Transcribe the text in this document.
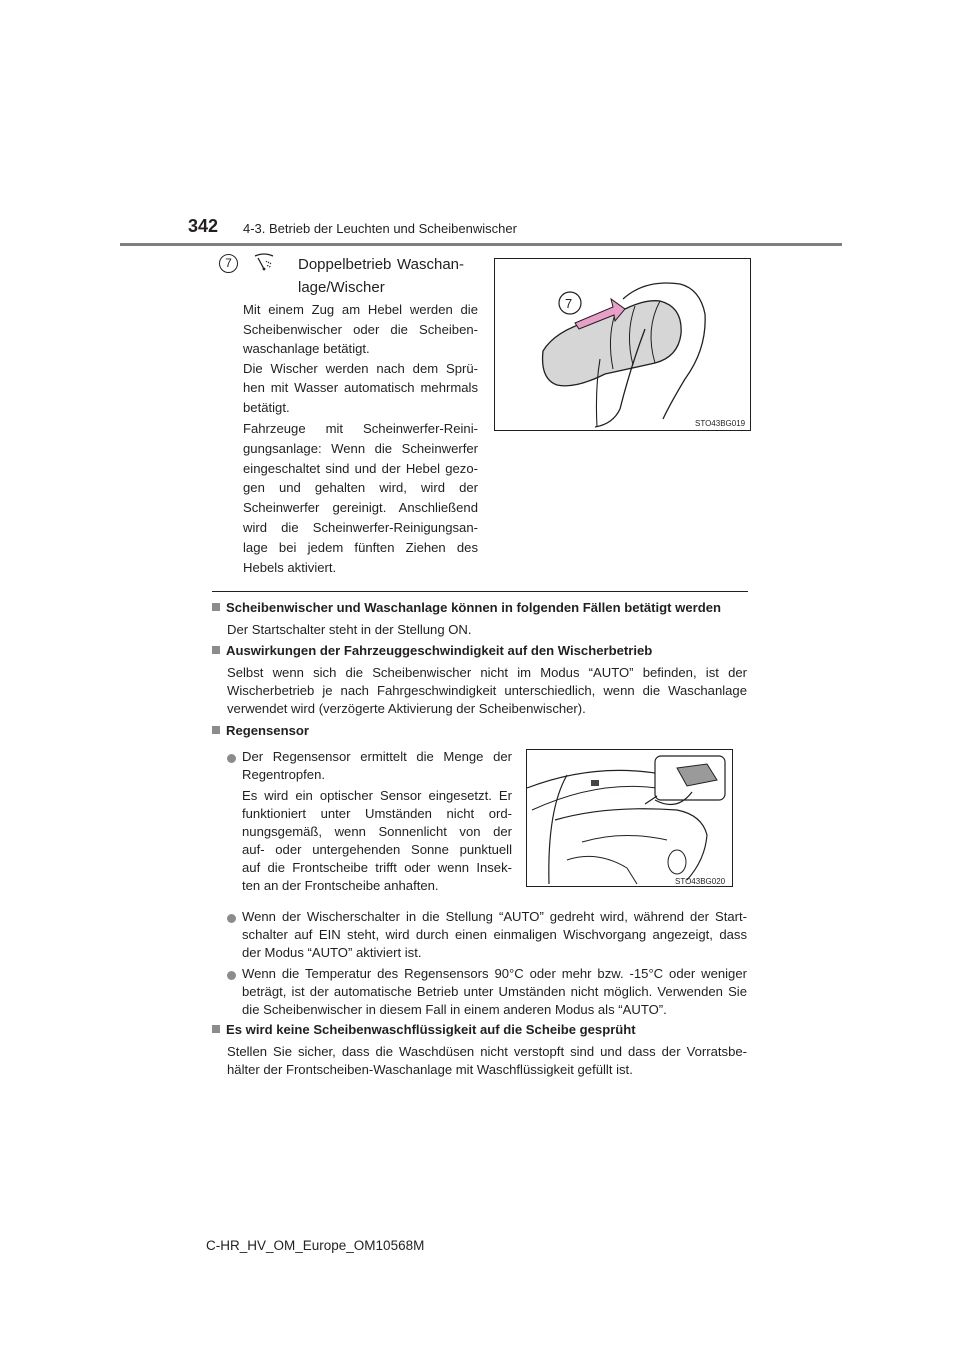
342 4-3. Betrieb der Leuchten und Scheibenwischer
7	Doppelbetrieb Waschan-
lage/Wischer
Mit einem Zug am Hebel werden die
Scheibenwischer oder die Scheiben-
waschanlage betätigt.
Die Wischer werden nach dem Sprü-
hen mit Wasser automatisch mehrmals
betätigt.
Fahrzeuge mit Scheinwerfer-Reini-
gungsanlage: Wenn die Scheinwerfer
eingeschaltet sind und der Hebel gezo-
gen und gehalten wird, wird der
Scheinwerfer gereinigt. Anschließend
wird die Scheinwerfer-Reinigungsan-
lage bei jedem fünften Ziehen des
Hebels aktiviert.
7
STO43BG019
Scheibenwischer und Waschanlage können in folgenden Fällen betätigt werden
Der Startschalter steht in der Stellung ON.
Auswirkungen der Fahrzeuggeschwindigkeit auf den Wischerbetrieb
Selbst wenn sich die Scheibenwischer nicht im Modus “AUTO” befinden, ist der
Wischerbetrieb je nach Fahrgeschwindigkeit unterschiedlich, wenn die Waschanlage
verwendet wird (verzögerte Aktivierung der Scheibenwischer).
Regensensor
Der Regensensor ermittelt die Menge der
Regentropfen.
Es wird ein optischer Sensor eingesetzt. Er
funktioniert unter Umständen nicht ord-
nungsgemäß, wenn Sonnenlicht von der
auf- oder untergehenden Sonne punktuell
auf die Frontscheibe trifft oder wenn Insek-
ten an der Frontscheibe anhaften.	STO43BG020
Wenn der Wischerschalter in die Stellung “AUTO” gedreht wird, während der Start-
schalter auf EIN steht, wird durch einen einmaligen Wischvorgang angezeigt, dass
der Modus “AUTO” aktiviert ist.
Wenn die Temperatur des Regensensors 90°C oder mehr bzw. -15°C oder weniger
beträgt, ist der automatische Betrieb unter Umständen nicht möglich. Verwenden Sie
die Scheibenwischer in diesem Fall in einem anderen Modus als “AUTO”.
Es wird keine Scheibenwaschflüssigkeit auf die Scheibe gesprüht
Stellen Sie sicher, dass die Waschdüsen nicht verstopft sind und dass der Vorratsbe-
hälter der Frontscheiben-Waschanlage mit Waschflüssigkeit gefüllt ist.
C-HR_HV_OM_Europe_OM10568M
